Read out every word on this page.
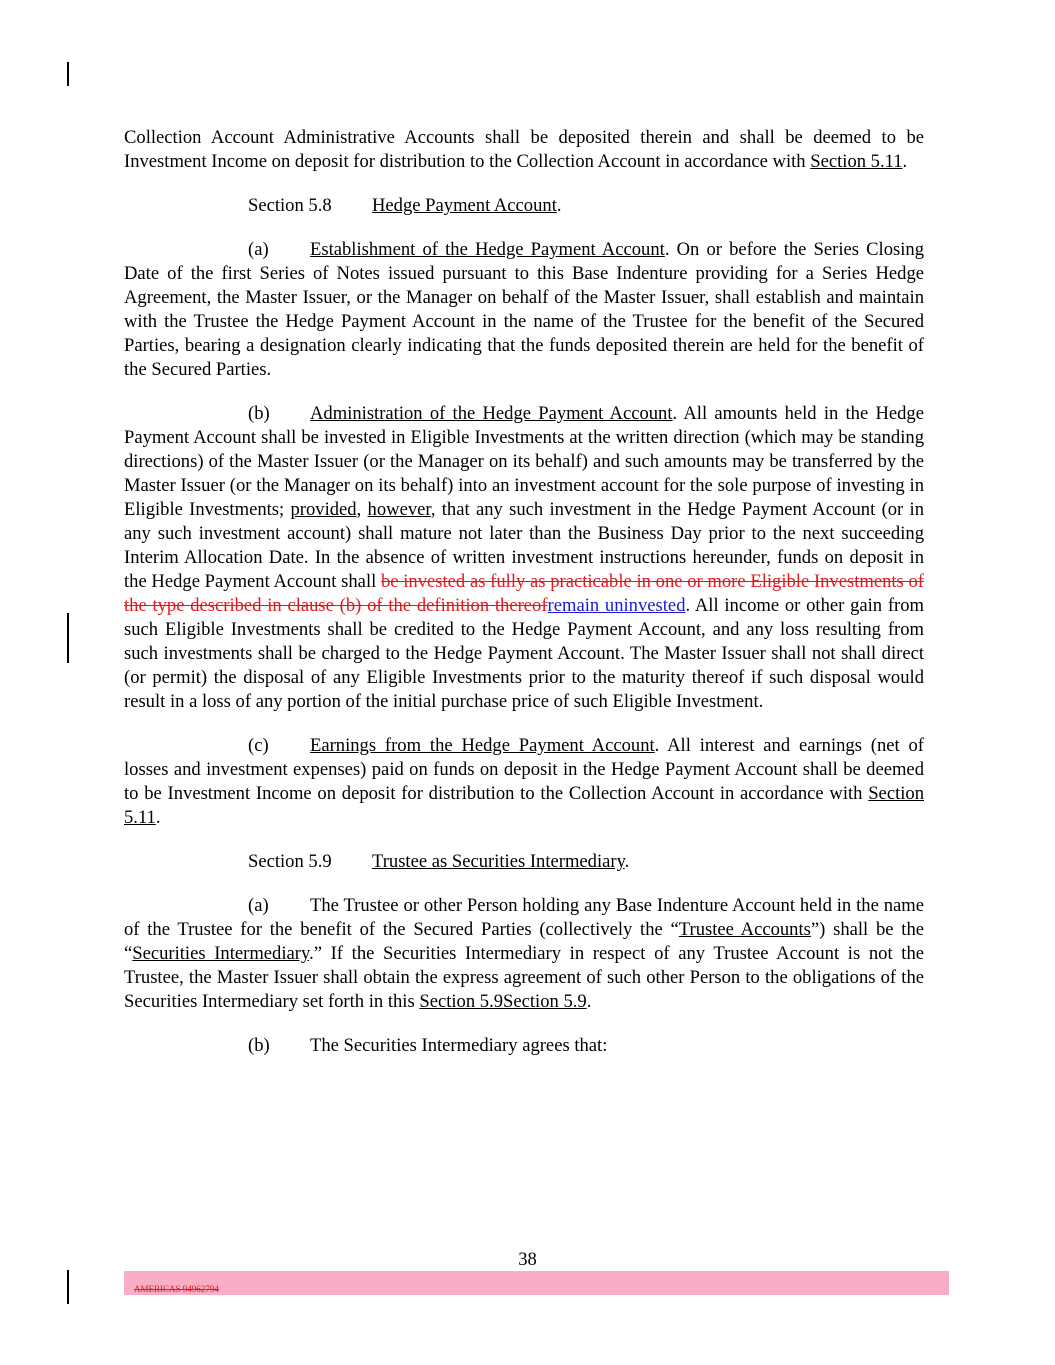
Collection Account Administrative Accounts shall be deposited therein and shall be deemed to be Investment Income on deposit for distribution to the Collection Account in accordance with Section 5.11.

Section 5.8 Hedge Payment Account.

(a) Establishment of the Hedge Payment Account. On or before the Series Closing Date of the first Series of Notes issued pursuant to this Base Indenture providing for a Series Hedge Agreement, the Master Issuer, or the Manager on behalf of the Master Issuer, shall establish and maintain with the Trustee the Hedge Payment Account in the name of the Trustee for the benefit of the Secured Parties, bearing a designation clearly indicating that the funds deposited therein are held for the benefit of the Secured Parties.

(b) Administration of the Hedge Payment Account. All amounts held in the Hedge Payment Account shall be invested in Eligible Investments at the written direction (which may be standing directions) of the Master Issuer (or the Manager on its behalf) and such amounts may be transferred by the Master Issuer (or the Manager on its behalf) into an investment account for the sole purpose of investing in Eligible Investments; provided, however, that any such investment in the Hedge Payment Account (or in any such investment account) shall mature not later than the Business Day prior to the next succeeding Interim Allocation Date. In the absence of written investment instructions hereunder, funds on deposit in the Hedge Payment Account shall be invested as fully as practicable in one or more Eligible Investments of the type described in clause (b) of the definition thereofremain uninvested. All income or other gain from such Eligible Investments shall be credited to the Hedge Payment Account, and any loss resulting from such investments shall be charged to the Hedge Payment Account. The Master Issuer shall not shall direct (or permit) the disposal of any Eligible Investments prior to the maturity thereof if such disposal would result in a loss of any portion of the initial purchase price of such Eligible Investment.

(c) Earnings from the Hedge Payment Account. All interest and earnings (net of losses and investment expenses) paid on funds on deposit in the Hedge Payment Account shall be deemed to be Investment Income on deposit for distribution to the Collection Account in accordance with Section 5.11.

Section 5.9 Trustee as Securities Intermediary.

(a) The Trustee or other Person holding any Base Indenture Account held in the name of the Trustee for the benefit of the Secured Parties (collectively the “Trustee Accounts”) shall be the “Securities Intermediary.” If the Securities Intermediary in respect of any Trustee Account is not the Trustee, the Master Issuer shall obtain the express agreement of such other Person to the obligations of the Securities Intermediary set forth in this Section 5.9Section 5.9.

(b) The Securities Intermediary agrees that:

38
AMERICAS 94962794
